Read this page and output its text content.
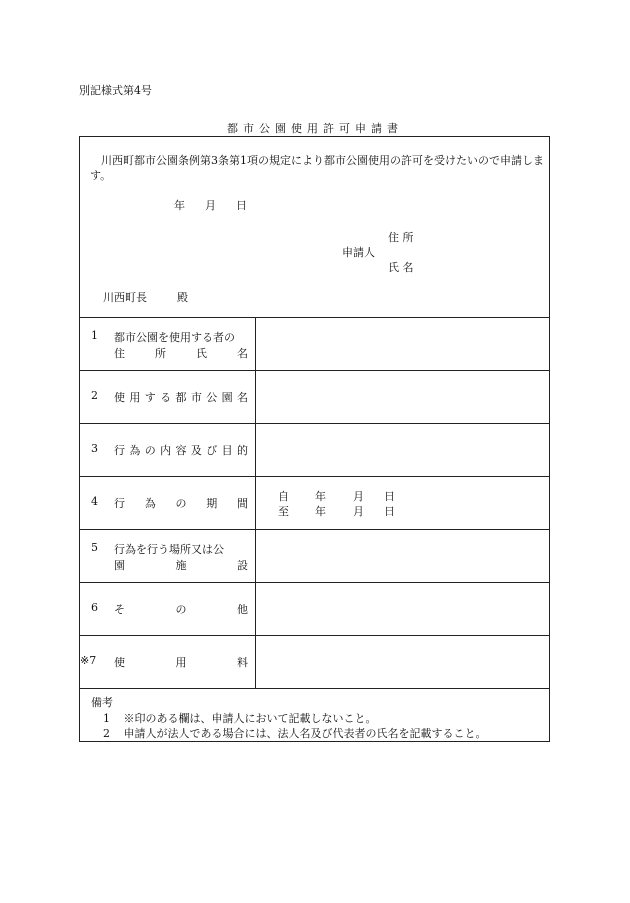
別記様式第4号
都市公園使用許可申請書
川西町都市公園条例第3条第1項の規定により都市公園使用の許可を受けたいので申請します。
年 月 日
住 所
申請人
氏 名
川西町長	殿
1 都市公園を使用する者の
住　所　氏　名
2 使用する都市公園名
3 行為の内容及び目的
4 行　為　の　期　間
自 年 月 日
至 年 月 日
5 行為を行う場所又は公
園　施　設
6 そ　の　他
※7 使　用　料
備考
1 ※印のある欄は、申請人において記載しないこと。
2 申請人が法人である場合には、法人名及び代表者の氏名を記載すること。
